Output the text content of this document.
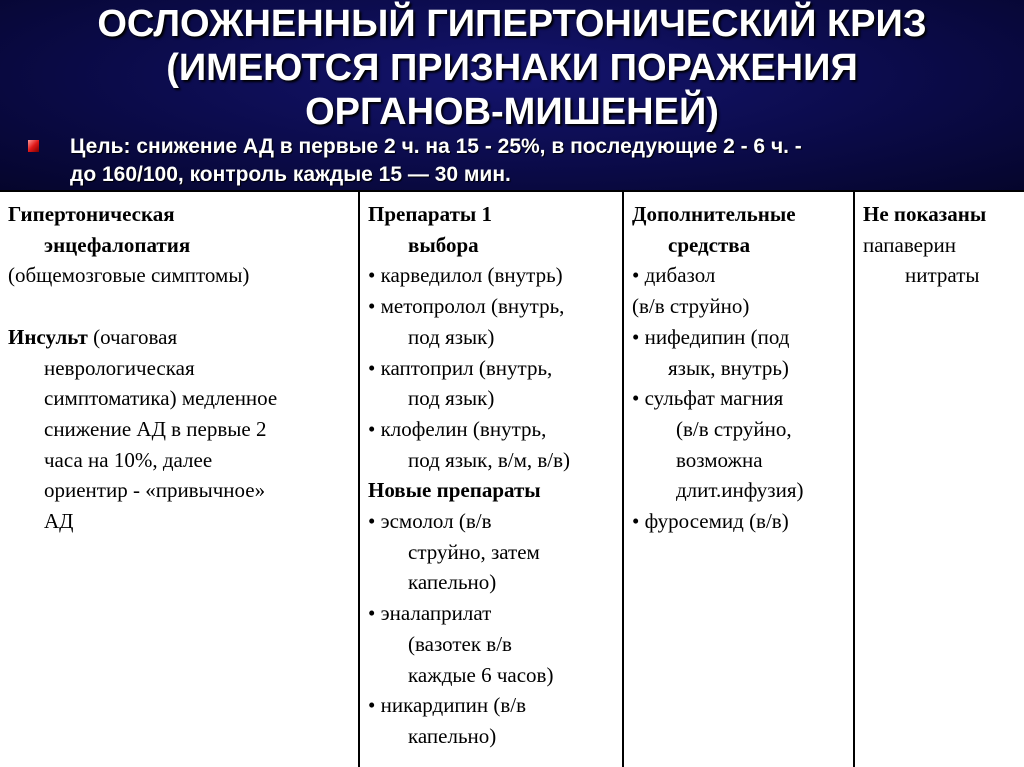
ОСЛОЖНЕННЫЙ ГИПЕРТОНИЧЕСКИЙ КРИЗ
(ИМЕЮТСЯ ПРИЗНАКИ ПОРАЖЕНИЯ
ОРГАНОВ-МИШЕНЕЙ)
Цель: снижение АД в первые 2 ч. на 15 - 25%, в последующие 2 - 6 ч. -
до 160/100, контроль каждые 15 — 30 мин.
Гипертоническая
энцефалопатия
(общемозговые симптомы)
Инсульт (очаговая
неврологическая
симптоматика) медленное
снижение АД в первые 2
часа на 10%, далее
ориентир - «привычное»
АД
Препараты 1
выбора
• карведилол (внутрь)
• метопролол (внутрь,
под язык)
• каптоприл (внутрь,
под язык)
• клофелин (внутрь,
под язык, в/м, в/в)
Новые препараты
• эсмолол (в/в
струйно, затем
капельно)
• эналаприлат
(вазотек в/в
каждые 6 часов)
• никардипин (в/в
капельно)
Дополнительные
средства
• дибазол
(в/в струйно)
• нифедипин (под
язык, внутрь)
• сульфат магния
(в/в струйно,
возможна
длит.инфузия)
• фуросемид (в/в)
Не показаны
папаверин
нитраты
